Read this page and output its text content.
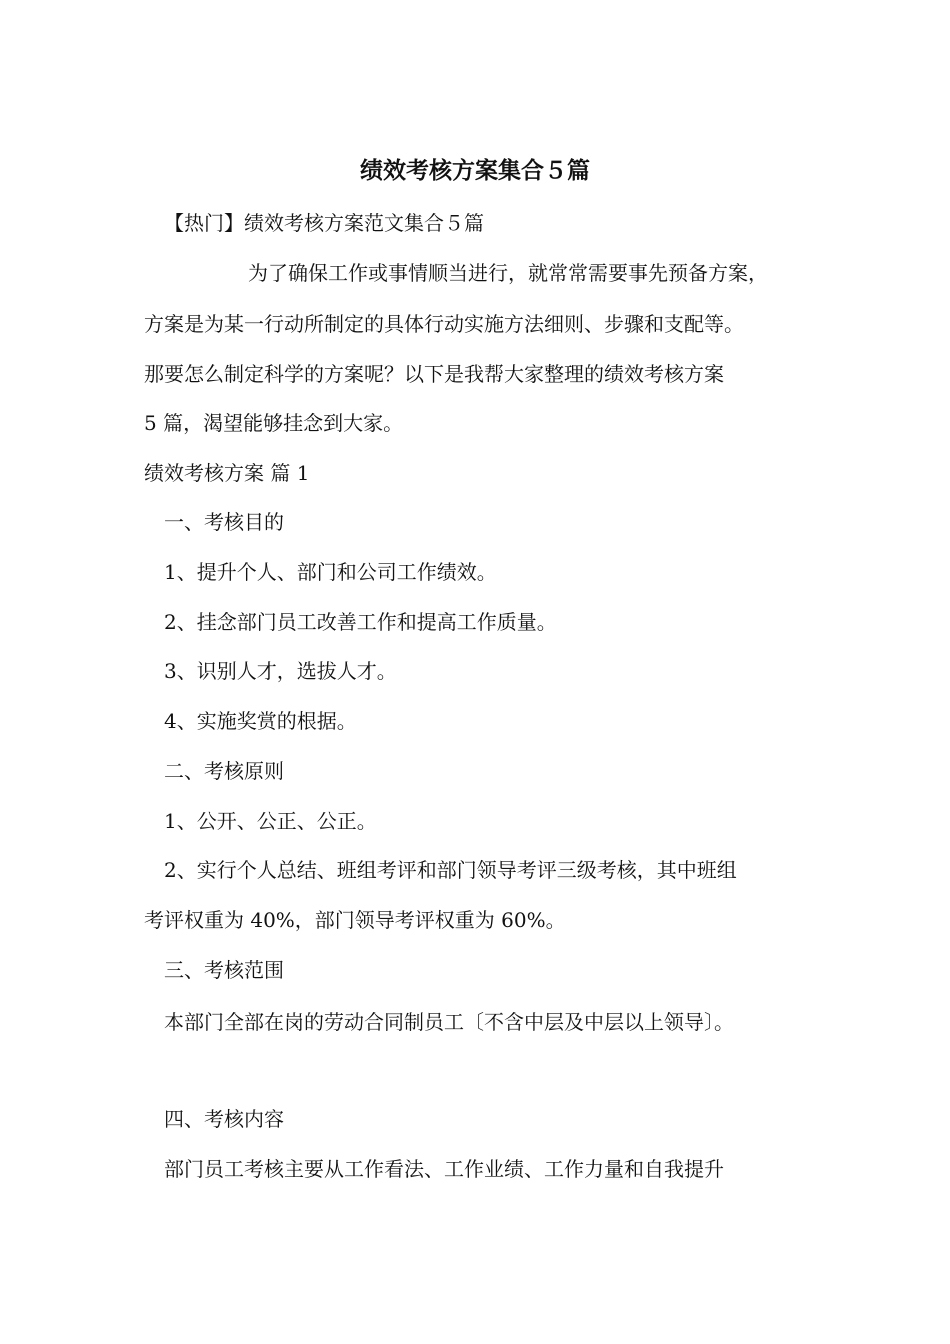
绩效考核方案集合５篇
【热门】绩效考核方案范文集合５篇
为了确保工作或事情顺当进行，就常常需要事先预备方案，
方案是为某一行动所制定的具体行动实施方法细则、步骤和支配等。
那要怎么制定科学的方案呢？以下是我帮大家整理的绩效考核方案
5 篇，渴望能够挂念到大家。
绩效考核方案 篇 1
一、考核目的
1、提升个人、部门和公司工作绩效。
2、挂念部门员工改善工作和提高工作质量。
3、识别人才，选拔人才。
4、实施奖赏的根据。
二、考核原则
1、公开、公正、公正。
2、实行个人总结、班组考评和部门领导考评三级考核，其中班组
考评权重为 40%，部门领导考评权重为 60%。
三、考核范围
本部门全部在岗的劳动合同制员工〔不含中层及中层以上领导〕。
四、考核内容
部门员工考核主要从工作看法、工作业绩、工作力量和自我提升
